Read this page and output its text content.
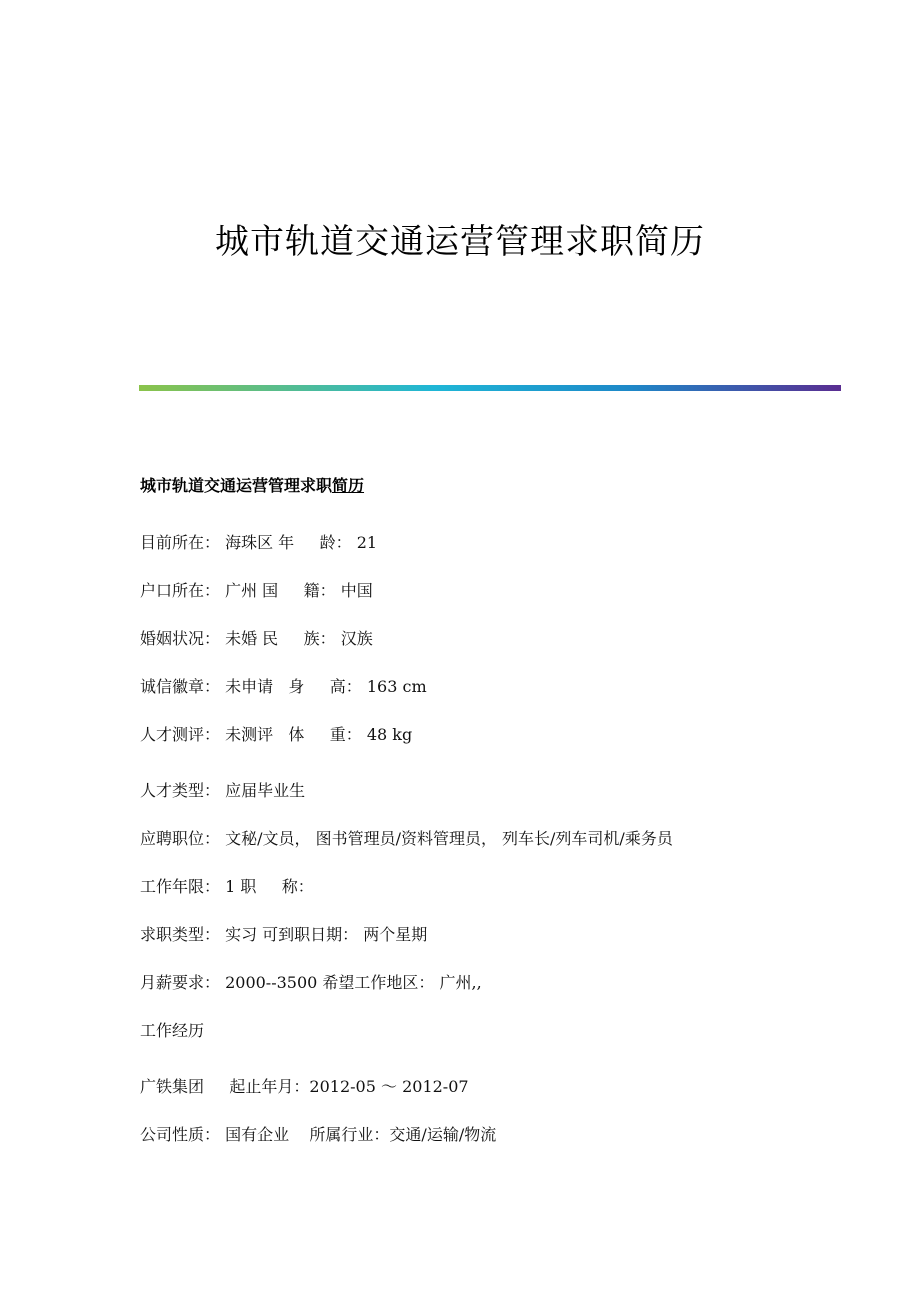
城市轨道交通运营管理求职简历
城市轨道交通运营管理求职简历
目前所在： 海珠区 年     龄： 21
户口所在： 广州 国     籍： 中国
婚姻状况： 未婚 民     族： 汉族
诚信徽章： 未申请   身     高： 163 cm
人才测评： 未测评   体     重： 48 kg
人才类型： 应届毕业生
应聘职位： 文秘/文员， 图书管理员/资料管理员， 列车长/列车司机/乘务员
工作年限： 1 职     称：
求职类型： 实习 可到职日期： 两个星期
月薪要求： 2000--3500 希望工作地区： 广州,,
工作经历
广铁集团     起止年月：2012-05 ～ 2012-07
公司性质： 国有企业    所属行业：交通/运输/物流
